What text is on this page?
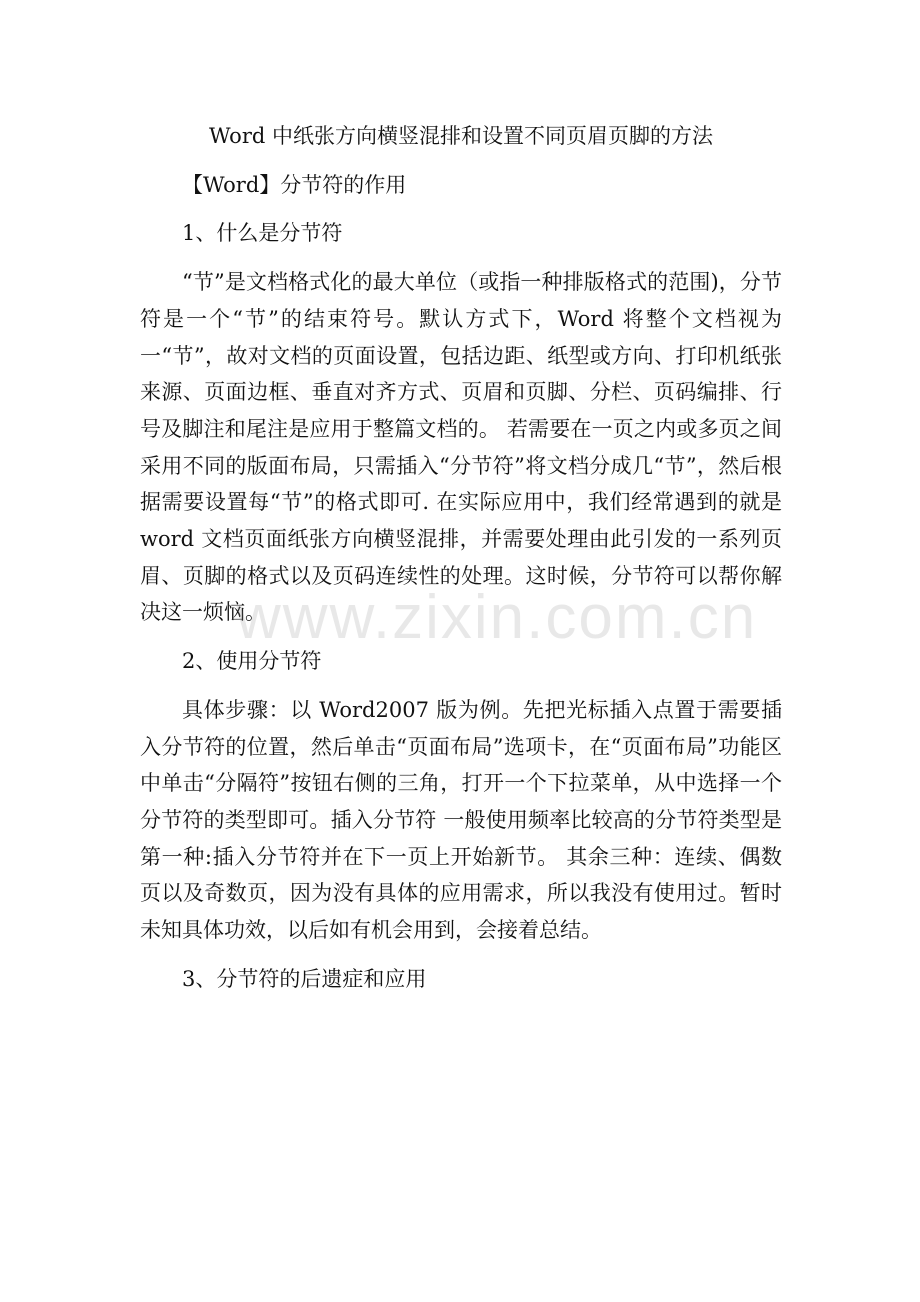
Word 中纸张方向横竖混排和设置不同页眉页脚的方法

【Word】分节符的作用

1、什么是分节符

“节”是文档格式化的最大单位（或指一种排版格式的范围)，分节符是一个“节”的结束符号。默认方式下，Word 将整个文档视为一“节”，故对文档的页面设置，包括边距、纸型或方向、打印机纸张来源、页面边框、垂直对齐方式、页眉和页脚、分栏、页码编排、行号及脚注和尾注是应用于整篇文档的。 若需要在一页之内或多页之间采用不同的版面布局，只需插入“分节符”将文档分成几“节”，然后根据需要设置每“节”的格式即可. 在实际应用中，我们经常遇到的就是 word 文档页面纸张方向横竖混排，并需要处理由此引发的一系列页眉、页脚的格式以及页码连续性的处理。这时候，分节符可以帮你解决这一烦恼。

2、使用分节符

具体步骤：以 Word2007 版为例。先把光标插入点置于需要插入分节符的位置，然后单击“页面布局”选项卡，在“页面布局”功能区中单击“分隔符”按钮右侧的三角，打开一个下拉菜单，从中选择一个分节符的类型即可。插入分节符 一般使用频率比较高的分节符类型是第一种:插入分节符并在下一页上开始新节。 其余三种：连续、偶数页以及奇数页，因为没有具体的应用需求，所以我没有使用过。暂时未知具体功效，以后如有机会用到，会接着总结。

3、分节符的后遗症和应用

www.zixin.com.cn
